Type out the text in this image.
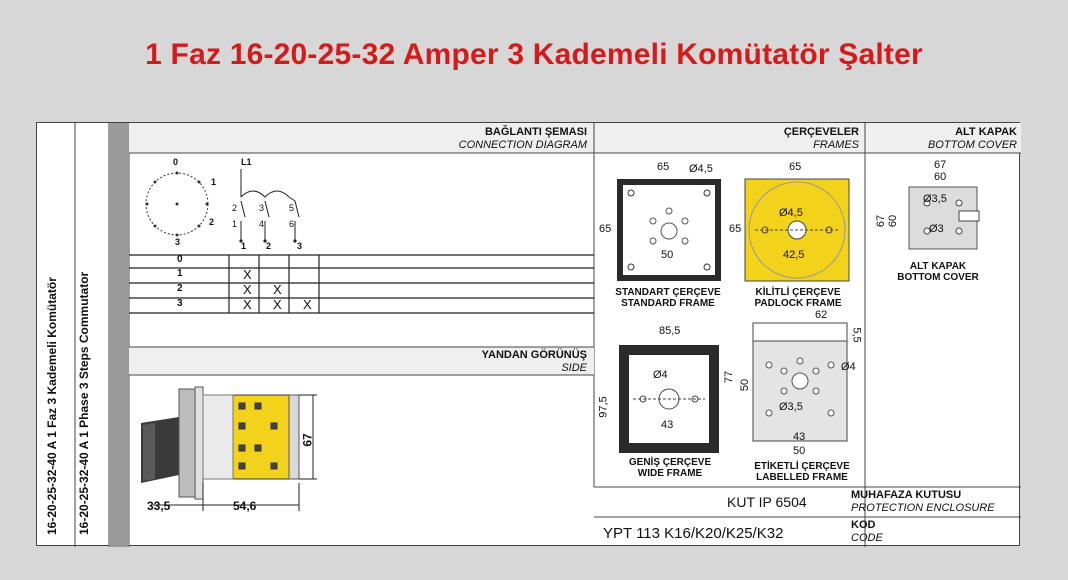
1 Faz 16-20-25-32 Amper 3 Kademeli Komütatör Şalter
16-20-25-32-40 A 1 Faz 3 Kademeli Komütatör 16-20-25-32-40 A 1 Phase 3 Steps Commutator
BAĞLANTI ŞEMASI
CONNECTION DIAGRAM
0
1
2
3
L1
2 3	5
1 4	6
1 2	3
0
1	X
2	X X
3	X X X
YANDAN GÖRÜNÜŞ
SIDE
33,5	54,6
67
ÇERÇEVELER
FRAMES
65 Ø4,5
65
50
STANDART ÇERÇEVE
STANDARD FRAME
65
Ø4,5
65
42,5
KİLİTLİ ÇERÇEVE
PADLOCK FRAME
85,5
Ø4
97,5
43
GENİŞ ÇERÇEVE
WIDE FRAME
62
5,5
77
50
Ø4
Ø3,5
43
50
ETİKETLİ ÇERÇEVE
LABELLED FRAME
ALT KAPAK
BOTTOM COVER
67
60
67 60
Ø3,5
Ø3
ALT KAPAK
BOTTOM COVER
KUT IP 6504	MUHAFAZA KUTUSU
PROTECTION ENCLOSURE
YPT 113 K16/K20/K25/K32	KOD
CODE
